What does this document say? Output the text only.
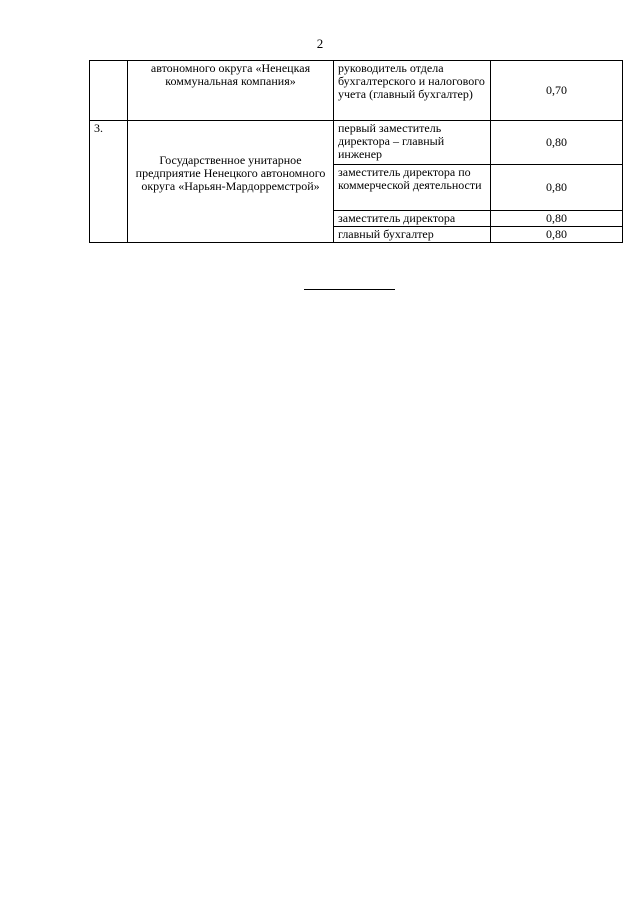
2
	автономного округа «Ненецкая коммунальная компания»	руководитель отдела бухгалтерского и налогового учета (главный бухгалтер)	0,70
3.	Государственное унитарное предприятие Ненецкого автономного округа «Нарьян-Мардорремстрой»	первый заместитель директора – главный инженер	0,80
		заместитель директора по коммерческой деятельности	0,80
		заместитель директора	0,80
		главный бухгалтер	0,80
